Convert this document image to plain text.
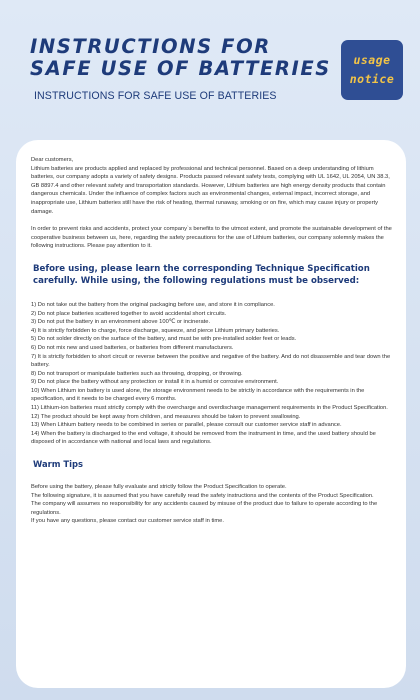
INSTRUCTIONS FOR
SAFE USE OF BATTERIES
INSTRUCTIONS FOR SAFE USE OF BATTERIES
usage
notice

Dear customers,

Lithium batteries are products applied and replaced by professional and technical personnel. Based on a deep understanding of lithium batteries, our company adopts a variety of safety designs. Products passed relevant safety tests, complying with UL 1642, UL 2054, UN 38.3, GB 8897.4 and other relevant safety and transportation standards. However, Lithium batteries are high energy density products that contain dangerous chemicals. Under the influence of complex factors such as environmental changes, external impact, incorrect storage, and inappropriate use, Lithium batteries still have the risk of heating, thermal runaway, smoking or on fire, which may cause injury or property damage.

In order to prevent risks and accidents, protect your company`s benefits to the utmost extent, and promote the sustainable development of the cooperative business between us, here, regarding the safety precautions for the use of Lithium batteries, our company solemnly makes the following instructions. Please pay attention to it.

Before using, please learn the corresponding Technique Specification carefully. While using, the following regulations must be observed:

1) Do not take out the battery from the original packaging before use, and store it in compliance.

2) Do not place batteries scattered together to avoid accidental short circuits.

3) Do not put the battery in an environment above 100℃ or incinerate.

4) It is strictly forbidden to charge, force discharge, squeeze, and pierce Lithium primary batteries.

5) Do not solder directly on the surface of the battery, and must be with pre-installed solder feet or leads.

6) Do not mix new and used batteries, or batteries from different manufacturers.

7) It is strictly forbidden to short circuit or reverse between the positive and negative of the battery. And do not disassemble and tear down the battery.

8) Do not transport or manipulate batteries such as throwing, dropping, or throwing.

9) Do not place the battery without any protection or install it in a humid or corrosive environment.

10) When Lithium ion battery is used alone, the storage environment needs to be strictly in accordance with the requirements in the specification, and it needs to be charged every 6 months.

11) Lithium-ion batteries must strictly comply with the overcharge and overdischarge management requirements in the Product Specification.

12) The product should be kept away from children, and measures should be taken to prevent swallowing.

13) When Lithium battery needs to be combined in series or parallel, please consult our customer service staff in advance.

14) When the battery is discharged to the end voltage, it should be removed from the instrument in time, and the used battery should be disposed of in accordance with national and local laws and regulations.

Warm Tips

Before using the battery, please fully evaluate and strictly follow the Product Specification to operate.

The following signature, it is assumed that you have carefully read the safety instructions and the contents of the Product Specification.

The company will assumes no responsibility for any accidents caused by misuse of the product due to failure to operate according to the regulations.

If you have any questions, please contact our customer service staff in time.
